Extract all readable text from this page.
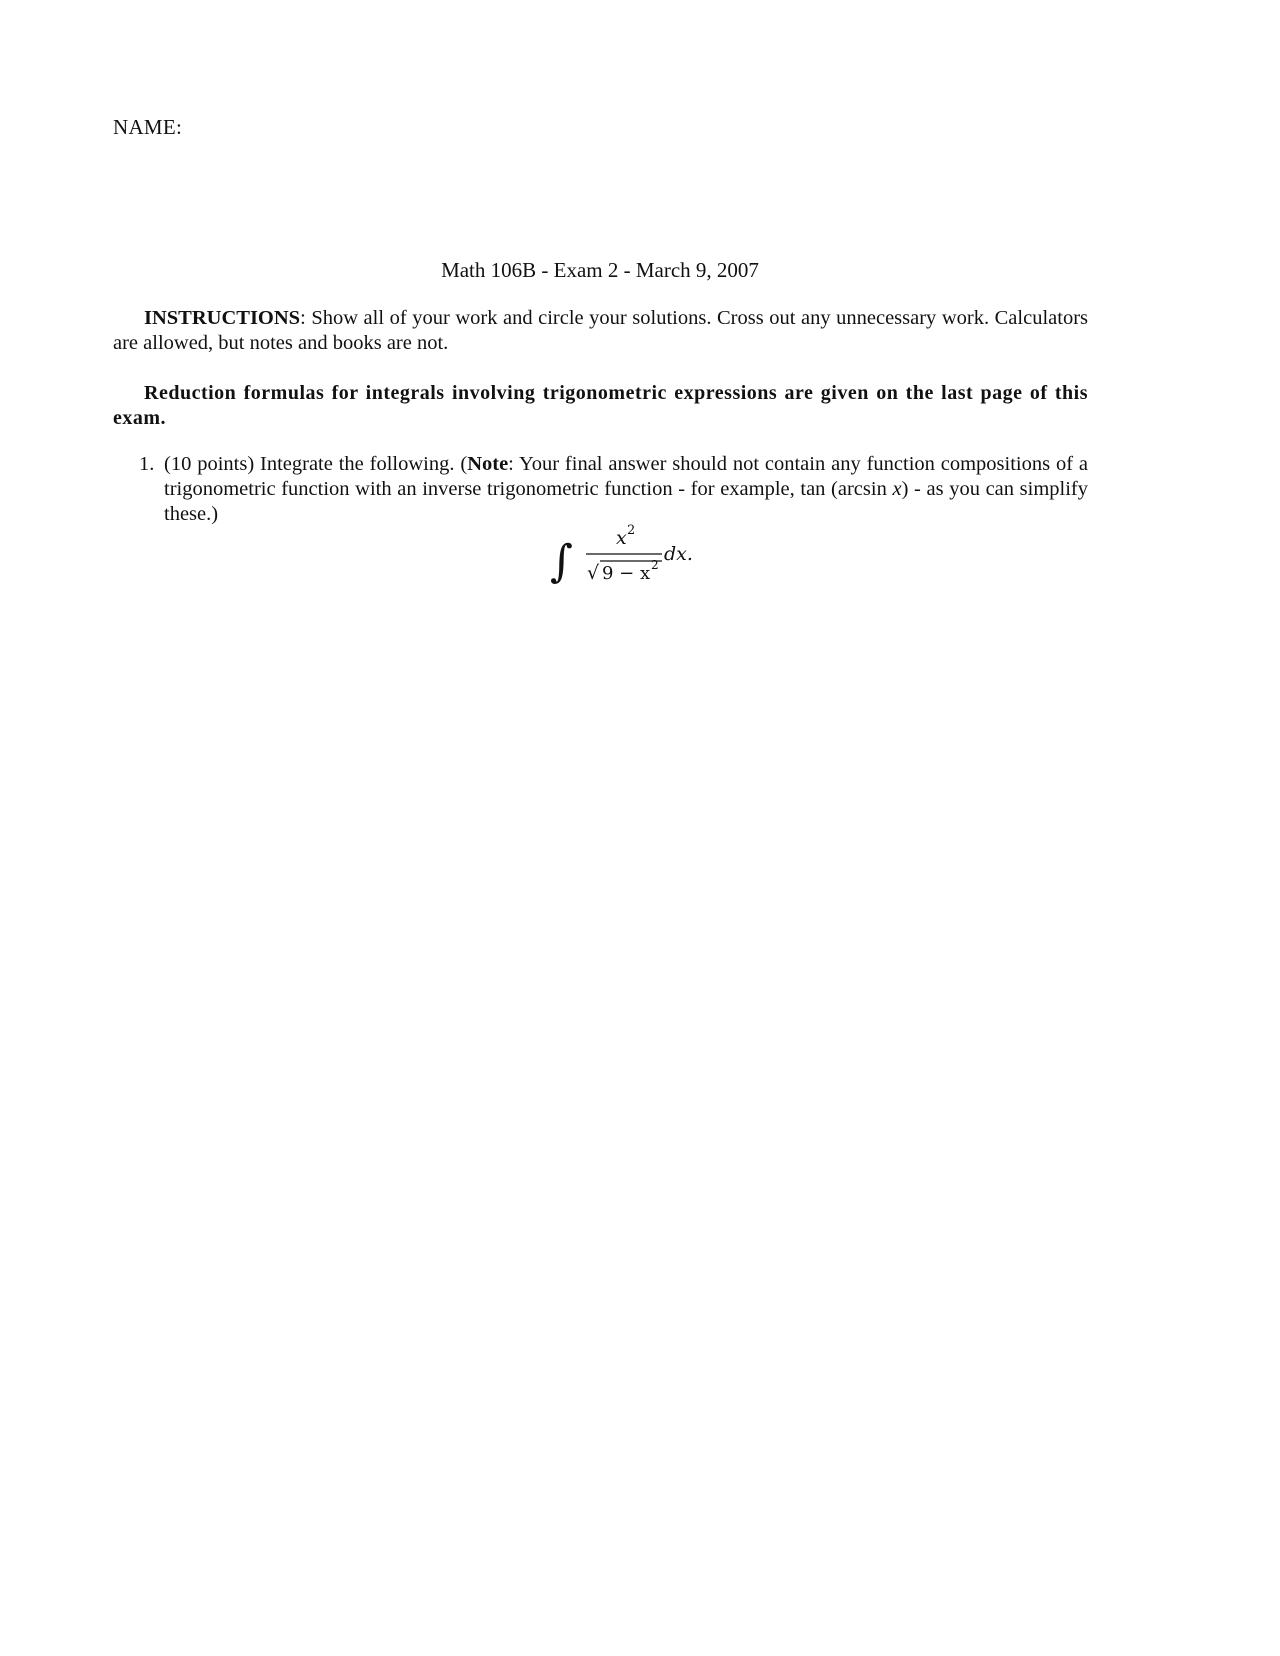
NAME:
Math 106B - Exam 2 - March 9, 2007
INSTRUCTIONS: Show all of your work and circle your solutions. Cross out any unnecessary work. Calculators are allowed, but notes and books are not.
Reduction formulas for integrals involving trigonometric expressions are given on the last page of this exam.
1. (10 points) Integrate the following. (Note: Your final answer should not contain any function compositions of a trigonometric function with an inverse trigonometric function - for example, tan (arcsin x) - as you can simplify these.)
∫ x 2
√ 9 − x 2 dx.
